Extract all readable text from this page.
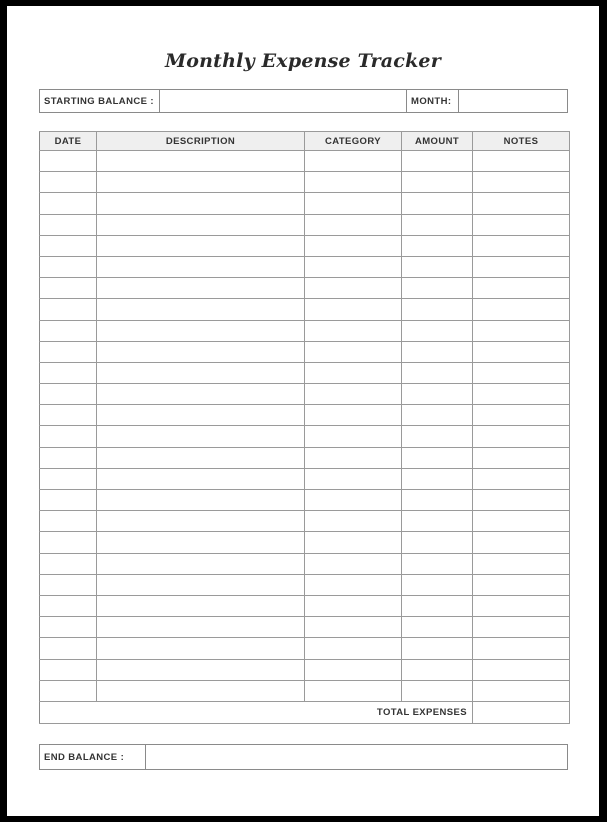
Monthly Expense Tracker
STARTING BALANCE :	MONTH:
DATE	DESCRIPTION	CATEGORY	AMOUNT	NOTES

TOTAL EXPENSES				
END BALANCE :
